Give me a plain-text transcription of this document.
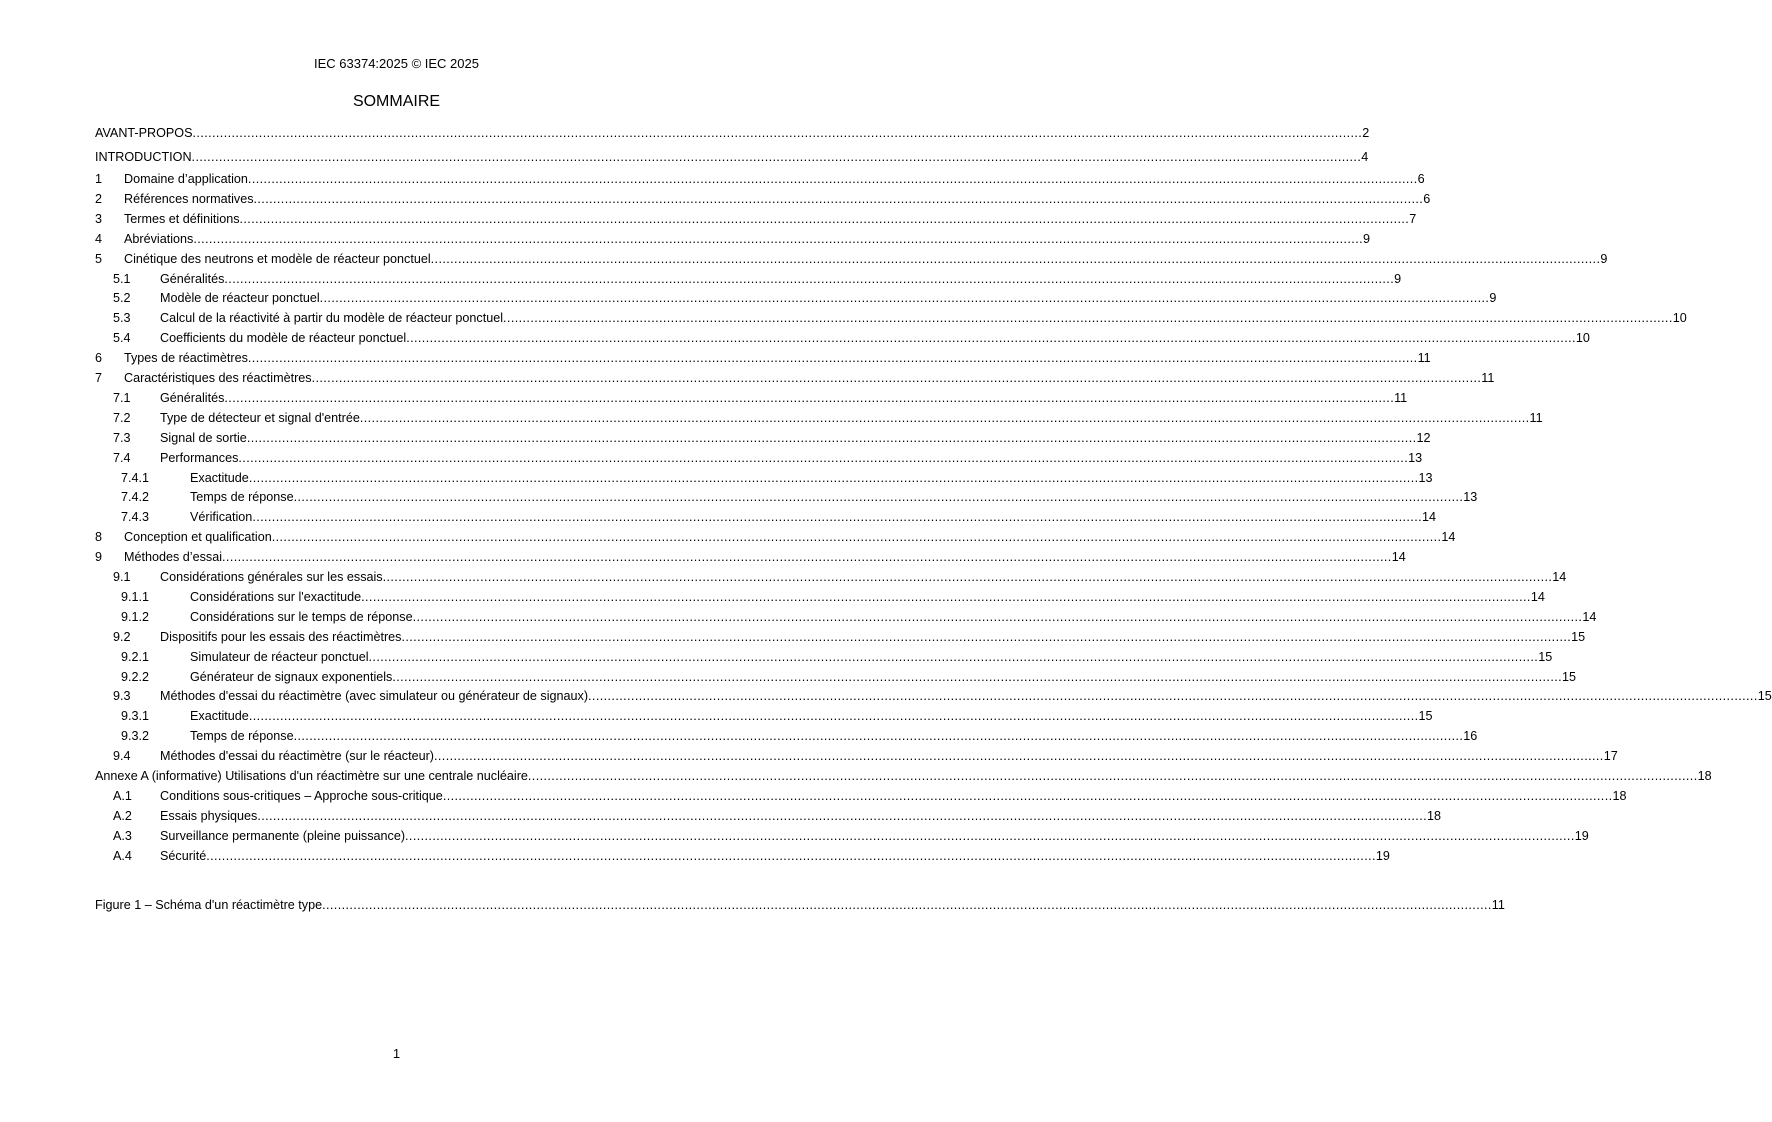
IEC 63374:2025 © IEC 2025
SOMMAIRE
AVANT-PROPOS ............................................................................................................................................................................................................................................................................................................ 2
INTRODUCTION ............................................................................................................................................................................................................................................................................................................ 4
1 Domaine d’application ............................................................................................................................................................................................................................................................................................................ 6
2 Références normatives ............................................................................................................................................................................................................................................................................................................ 6
3 Termes et définitions ............................................................................................................................................................................................................................................................................................................ 7
4 Abréviations ............................................................................................................................................................................................................................................................................................................ 9
5 Cinétique des neutrons et modèle de réacteur ponctuel ............................................................................................................................................................................................................................................................................................................ 9
5.1 Généralités ............................................................................................................................................................................................................................................................................................................ 9
5.2 Modèle de réacteur ponctuel ............................................................................................................................................................................................................................................................................................................ 9
5.3 Calcul de la réactivité à partir du modèle de réacteur ponctuel ............................................................................................................................................................................................................................................................................................................ 10
5.4 Coefficients du modèle de réacteur ponctuel ............................................................................................................................................................................................................................................................................................................ 10
6 Types de réactimètres ............................................................................................................................................................................................................................................................................................................ 11
7 Caractéristiques des réactimètres ............................................................................................................................................................................................................................................................................................................ 11
7.1 Généralités ............................................................................................................................................................................................................................................................................................................ 11
7.2 Type de détecteur et signal d'entrée ............................................................................................................................................................................................................................................................................................................ 11
7.3 Signal de sortie ............................................................................................................................................................................................................................................................................................................ 12
7.4 Performances ............................................................................................................................................................................................................................................................................................................ 13
7.4.1	Exactitude ............................................................................................................................................................................................................................................................................................................ 13
7.4.2	Temps de réponse ............................................................................................................................................................................................................................................................................................................ 13
7.4.3	Vérification ............................................................................................................................................................................................................................................................................................................ 14
8 Conception et qualification ............................................................................................................................................................................................................................................................................................................ 14
9 Méthodes d’essai ............................................................................................................................................................................................................................................................................................................ 14
9.1 Considérations générales sur les essais ............................................................................................................................................................................................................................................................................................................ 14
9.1.1	Considérations sur l'exactitude ............................................................................................................................................................................................................................................................................................................ 14
9.1.2	Considérations sur le temps de réponse ............................................................................................................................................................................................................................................................................................................ 14
9.2 Dispositifs pour les essais des réactimètres ............................................................................................................................................................................................................................................................................................................ 15
9.2.1	Simulateur de réacteur ponctuel ............................................................................................................................................................................................................................................................................................................ 15
9.2.2	Générateur de signaux exponentiels ............................................................................................................................................................................................................................................................................................................ 15
9.3 Méthodes d'essai du réactimètre (avec simulateur ou générateur de signaux) ............................................................................................................................................................................................................................................................................................................ 15
9.3.1	Exactitude ............................................................................................................................................................................................................................................................................................................ 15
9.3.2	Temps de réponse ............................................................................................................................................................................................................................................................................................................ 16
9.4 Méthodes d'essai du réactimètre (sur le réacteur) ............................................................................................................................................................................................................................................................................................................ 17
Annexe A (informative) Utilisations d'un réactimètre sur une centrale nucléaire ............................................................................................................................................................................................................................................................................................................ 18
A.1 Conditions sous-critiques – Approche sous-critique ............................................................................................................................................................................................................................................................................................................ 18
A.2 Essais physiques ............................................................................................................................................................................................................................................................................................................ 18
A.3 Surveillance permanente (pleine puissance) ............................................................................................................................................................................................................................................................................................................ 19
A.4 Sécurité ............................................................................................................................................................................................................................................................................................................ 19
Figure 1 – Schéma d'un réactimètre type ............................................................................................................................................................................................................................................................................................................ 11
1
